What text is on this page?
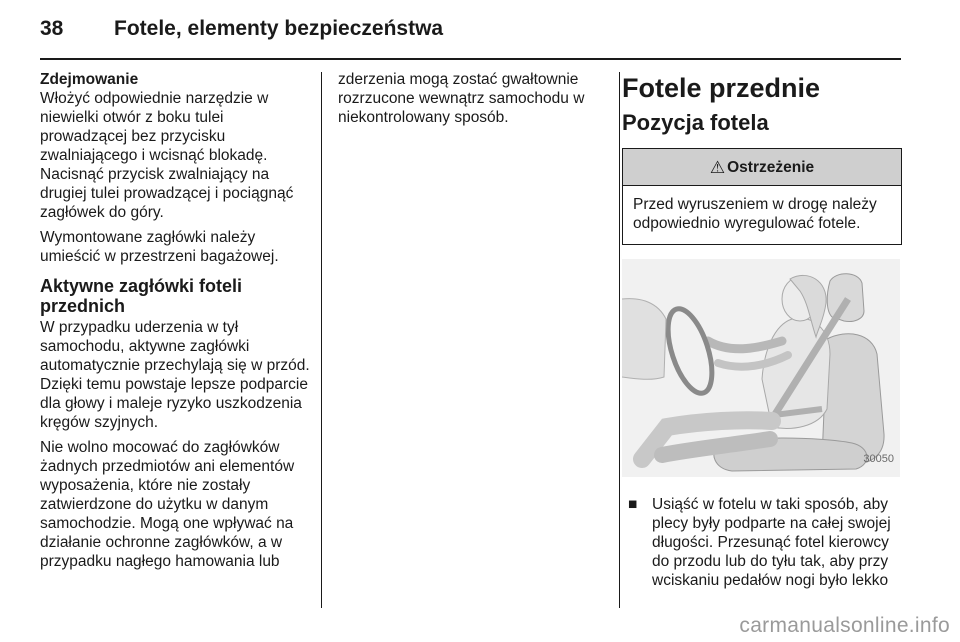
38 Fotele, elementy bezpieczeństwa
Zdejmowanie

Włożyć odpowiednie narzędzie w niewielki otwór z boku tulei prowadzącej bez przycisku zwalniającego i wcisnąć blokadę. Nacisnąć przycisk zwalniający na drugiej tulei prowadzącej i pociągnąć zagłówek do góry.

Wymontowane zagłówki należy umieścić w przestrzeni bagażowej.

Aktywne zagłówki foteli przednich

W przypadku uderzenia w tył samochodu, aktywne zagłówki automatycznie przechylają się w przód. Dzięki temu powstaje lepsze podparcie dla głowy i maleje ryzyko uszkodzenia kręgów szyjnych.

Nie wolno mocować do zagłówków żadnych przedmiotów ani elementów wyposażenia, które nie zostały zatwierdzone do użytku w danym samochodzie. Mogą one wpływać na działanie ochronne zagłówków, a w przypadku nagłego hamowania lub

zderzenia mogą zostać gwałtownie rozrzucone wewnątrz samochodu w niekontrolowany sposób.

Fotele przednie
Pozycja fotela
⚠ Ostrzeżenie
Przed wyruszeniem w drogę należy odpowiednio wyregulować fotele.
30050
■ Usiąść w fotelu w taki sposób, aby plecy były podparte na całej swojej długości. Przesunąć fotel kierowcy do przodu lub do tyłu tak, aby przy wciskaniu pedałów nogi było lekko
carmanualsonline.info
